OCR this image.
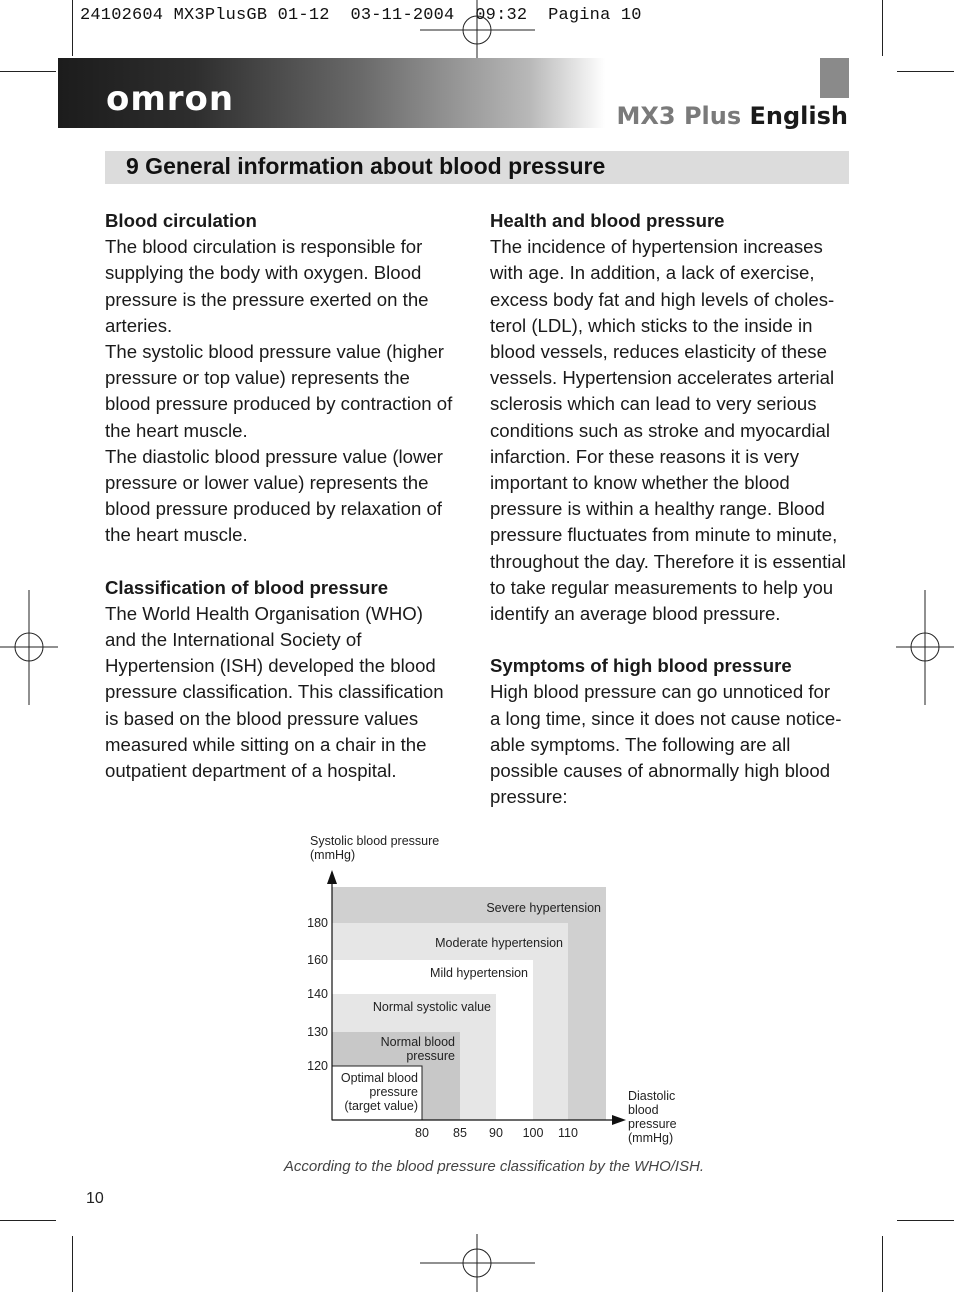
24102604 MX3PlusGB 01-12  03-11-2004  09:32  Pagina 10
omron	MX3 Plus English
9 General information about blood pressure
Blood circulation

The blood circulation is responsible for
supplying the body with oxygen. Blood
pressure is the pressure exerted on the
arteries.

The systolic blood pressure value (higher
pressure or top value) represents the
blood pressure produced by contraction of
the heart muscle.

The diastolic blood pressure value (lower
pressure or lower value) represents the
blood pressure produced by relaxation of
the heart muscle.

Classification of blood pressure

The World Health Organisation (WHO)
and the International Society of
Hypertension (ISH) developed the blood
pressure classification. This classification
is based on the blood pressure values
measured while sitting on a chair in the
outpatient department of a hospital.

Health and blood pressure

The incidence of hypertension increases
with age. In addition, a lack of exercise,
excess body fat and high levels of choles-
terol (LDL), which sticks to the inside in
blood vessels, reduces elasticity of these
vessels. Hypertension accelerates arterial
sclerosis which can lead to very serious
conditions such as stroke and myocardial
infarction. For these reasons it is very
important to know whether the blood
pressure is within a healthy range. Blood
pressure fluctuates from minute to minute,
throughout the day. Therefore it is essential
to take regular measurements to help you
identify an average blood pressure.

Symptoms of high blood pressure

High blood pressure can go unnoticed for
a long time, since it does not cause notice-
able symptoms. The following are all
possible causes of abnormally high blood
pressure:

Systolic blood pressure
(mmHg)
Severe hypertension
Moderate hypertension
Mild hypertension
Normal systolic value
Normal blood pressure
Optimal blood pressure (target value)
180
160
140
130
120
80 85 90 100 110
Diastolic
blood
pressure
(mmHg)
According to the blood pressure classification by the WHO/ISH.
10
